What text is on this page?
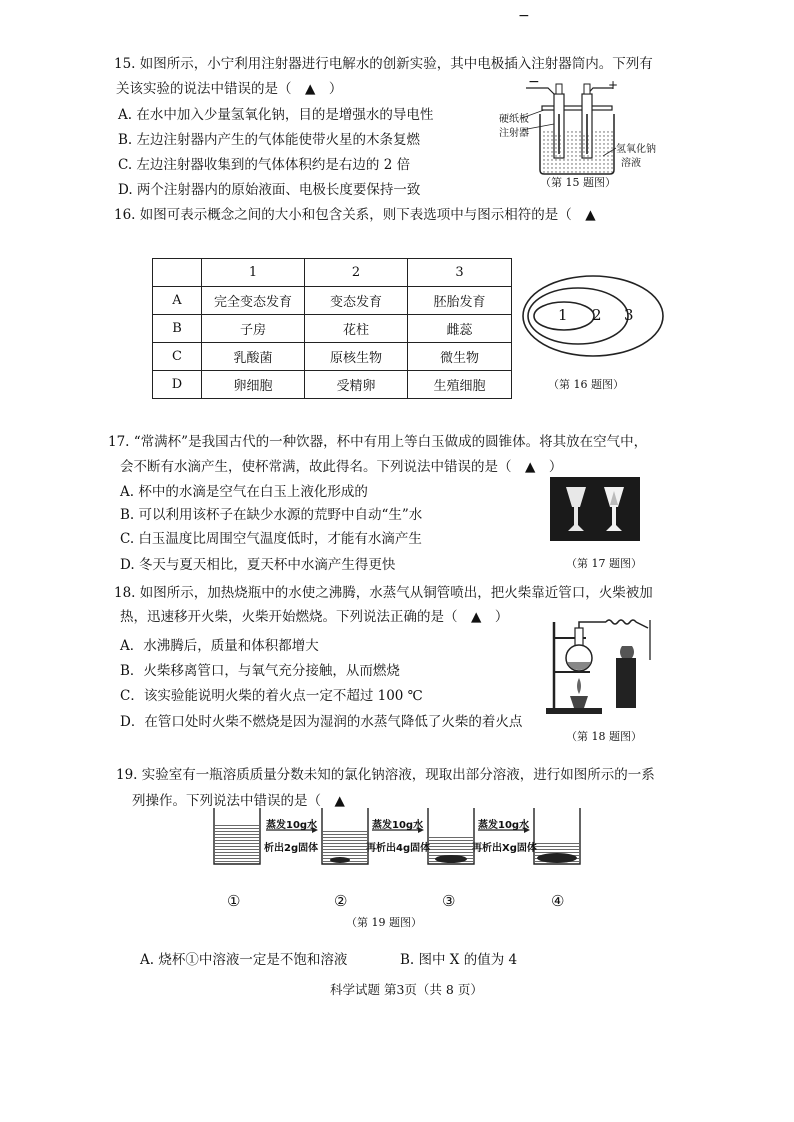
15. 如图所示，小宁利用注射器进行电解水的创新实验，其中电极插入注射器筒内。下列有
关该实验的说法中错误的是（　▲　）
A. 在水中加入少量氢氧化钠，目的是增强水的导电性
B. 左边注射器内产生的气体能使带火星的木条复燃
C. 左边注射器收集到的气体体积约是右边的 2 倍
D. 两个注射器内的原始液面、电极长度要保持一致
−
−	+
硬纸板
注射器
氢氧化钠
溶液
（第 15 题图）
16. 如图可表示概念之间的大小和包含关系，则下表选项中与图示相符的是（　▲
	1	2	3
A	完全变态发育	变态发育	胚胎发育
B	子房	花柱	雌蕊
C	乳酸菌	原核生物	微生物
D	卵细胞	受精卵	生殖细胞
1 2 3
（第 16 题图）
17. “常满杯”是我国古代的一种饮器，杯中有用上等白玉做成的圆锥体。将其放在空气中，
会不断有水滴产生，使杯常满，故此得名。下列说法中错误的是（　▲　）
A. 杯中的水滴是空气在白玉上液化形成的
B. 可以利用该杯子在缺少水源的荒野中自动“生”水
C. 白玉温度比周围空气温度低时，才能有水滴产生
D. 冬天与夏天相比，夏天杯中水滴产生得更快	（第 17 题图）
18. 如图所示，加热烧瓶中的水使之沸腾，水蒸气从铜管喷出，把火柴靠近管口，火柴被加
热，迅速移开火柴，火柴开始燃烧。下列说法正确的是（　▲　）
A．水沸腾后，质量和体积都增大
B．火柴移离管口，与氧气充分接触，从而燃烧
C．该实验能说明火柴的着火点一定不超过 100 ℃
D．在管口处时火柴不燃烧是因为湿润的水蒸气降低了火柴的着火点
（第 18 题图）
19. 实验室有一瓶溶质质量分数未知的氯化钠溶液，现取出部分溶液，进行如图所示的一系
列操作。下列说法中错误的是（　▲
蒸发10g水
析出2g固体
蒸发10g水
再析出4g固体
蒸发10g水
再析出Xg固体
①	②	③	④
（第 19 题图）
A. 烧杯①中溶液一定是不饱和溶液	B. 图中 X 的值为 4
科学试题 第3页（共 8 页）
